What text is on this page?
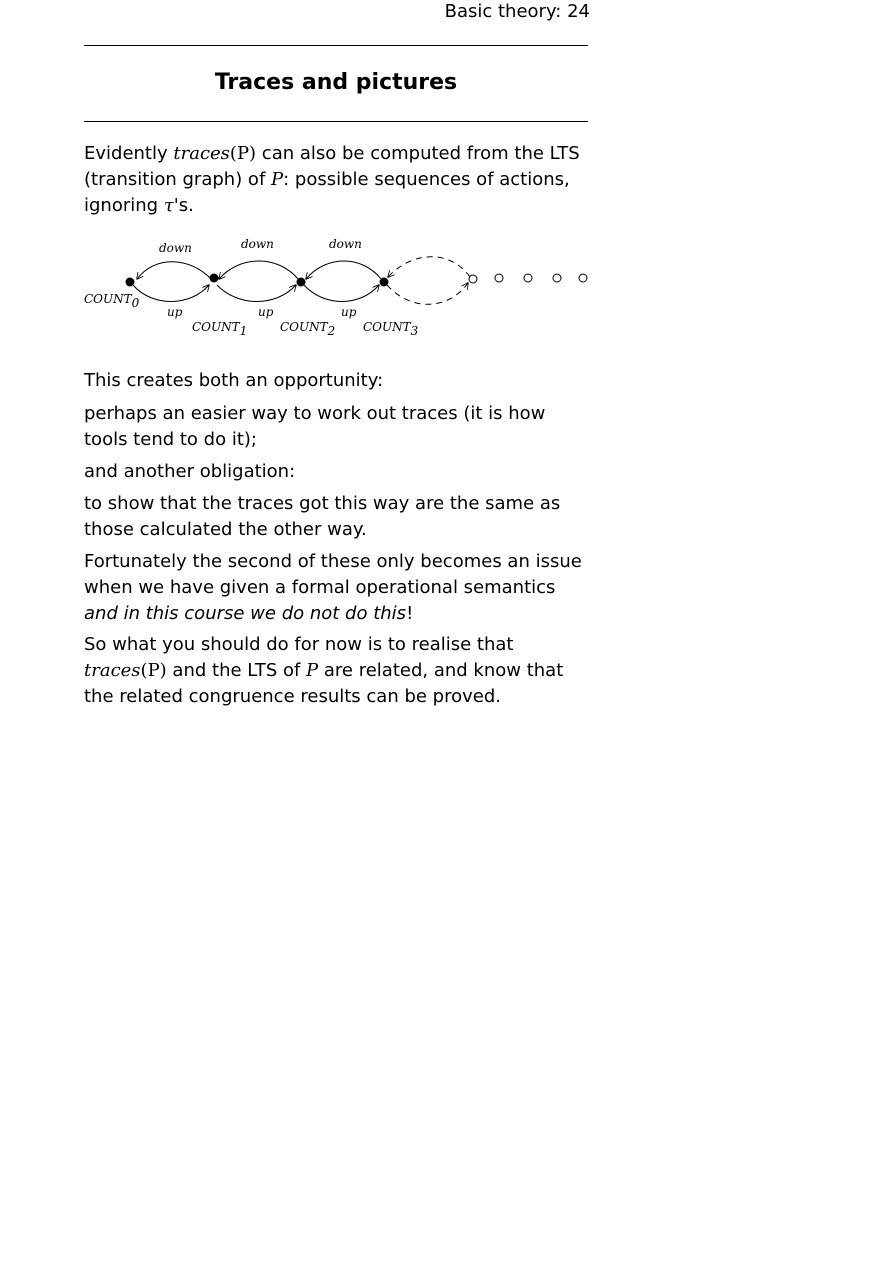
Basic theory: 24
Traces and pictures
Evidently traces(P) can also be computed from the LTS (transition graph) of P: possible sequences of actions, ignoring τ's.
down	down	down
up	up	up
COUNT0
COUNT1	COUNT2 COUNT3
This creates both an opportunity:
perhaps an easier way to work out traces (it is how tools tend to do it);
and another obligation:
to show that the traces got this way are the same as those calculated the other way.
Fortunately the second of these only becomes an issue when we have given a formal operational semantics and in this course we do not do this!
So what you should do for now is to realise that traces(P) and the LTS of P are related, and know that the related congruence results can be proved.
